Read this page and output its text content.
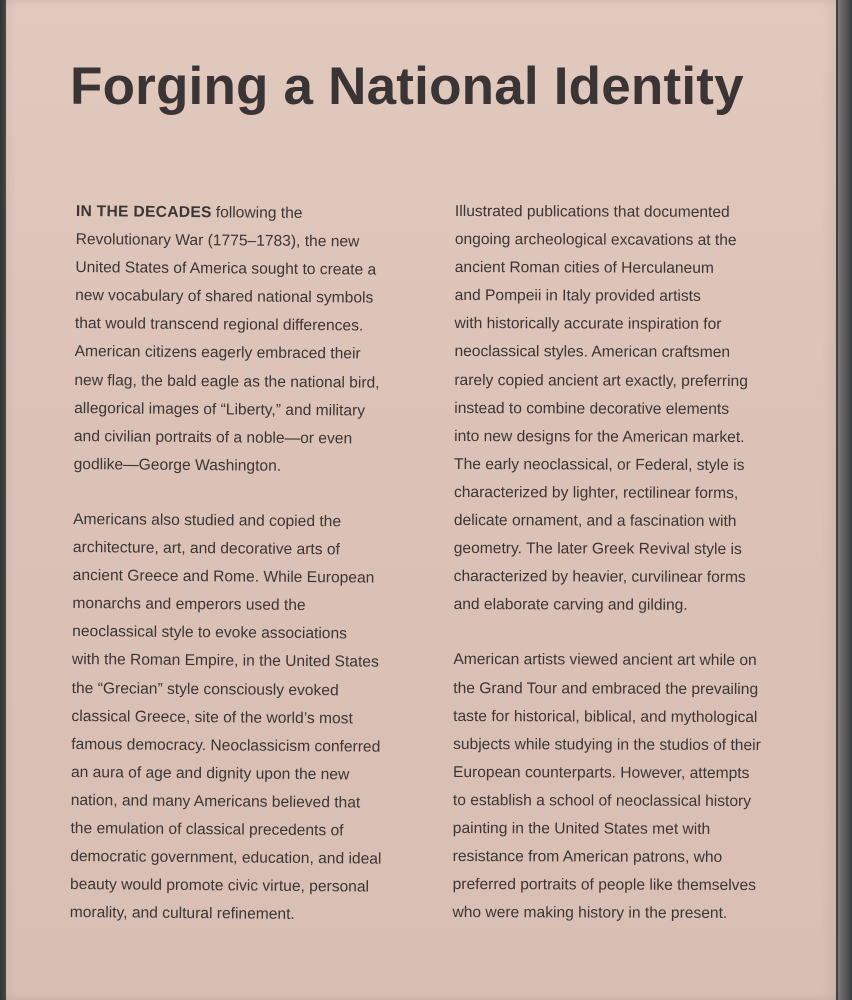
Forging a National Identity
IN THE DECADES following the
Revolutionary War (1775–1783), the new
United States of America sought to create a
new vocabulary of shared national symbols
that would transcend regional differences.
American citizens eagerly embraced their
new flag, the bald eagle as the national bird,
allegorical images of “Liberty,” and military
and civilian portraits of a noble—or even
godlike—George Washington.
Americans also studied and copied the
architecture, art, and decorative arts of
ancient Greece and Rome. While European
monarchs and emperors used the
neoclassical style to evoke associations
with the Roman Empire, in the United States
the “Grecian” style consciously evoked
classical Greece, site of the world’s most
famous democracy. Neoclassicism conferred
an aura of age and dignity upon the new
nation, and many Americans believed that
the emulation of classical precedents of
democratic government, education, and ideal
beauty would promote civic virtue, personal
morality, and cultural refinement.
Illustrated publications that documented
ongoing archeological excavations at the
ancient Roman cities of Herculaneum
and Pompeii in Italy provided artists
with historically accurate inspiration for
neoclassical styles. American craftsmen
rarely copied ancient art exactly, preferring
instead to combine decorative elements
into new designs for the American market.
The early neoclassical, or Federal, style is
characterized by lighter, rectilinear forms,
delicate ornament, and a fascination with
geometry. The later Greek Revival style is
characterized by heavier, curvilinear forms
and elaborate carving and gilding.
American artists viewed ancient art while on
the Grand Tour and embraced the prevailing
taste for historical, biblical, and mythological
subjects while studying in the studios of their
European counterparts. However, attempts
to establish a school of neoclassical history
painting in the United States met with
resistance from American patrons, who
preferred portraits of people like themselves
who were making history in the present.
